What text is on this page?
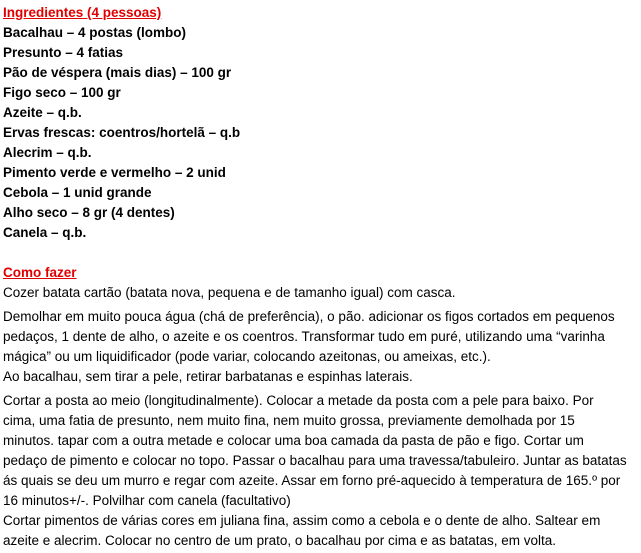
Ingredientes (4 pessoas)
Bacalhau – 4 postas (lombo)
Presunto – 4 fatias
Pão de véspera (mais dias) – 100 gr
Figo seco – 100 gr
Azeite – q.b.
Ervas frescas: coentros/hortelã – q.b
Alecrim – q.b.
Pimento verde e vermelho – 2 unid
Cebola – 1 unid grande
Alho seco – 8 gr (4 dentes)
Canela – q.b.
Como fazer

Cozer batata cartão (batata nova, pequena e de tamanho igual) com casca.

Demolhar em muito pouca água (chá de preferência), o pão. adicionar os figos cortados em pequenos
pedaços, 1 dente de alho, o azeite e os coentros. Transformar tudo em puré, utilizando uma “varinha
mágica” ou um liquidificador (pode variar, colocando azeitonas, ou ameixas, etc.).
Ao bacalhau, sem tirar a pele, retirar barbatanas e espinhas laterais.

Cortar a posta ao meio (longitudinalmente). Colocar a metade da posta com a pele para baixo. Por
cima, uma fatia de presunto, nem muito fina, nem muito grossa, previamente demolhada por 15
minutos. tapar com a outra metade e colocar uma boa camada da pasta de pão e figo. Cortar um
pedaço de pimento e colocar no topo. Passar o bacalhau para uma travessa/tabuleiro. Juntar as batatas
ás quais se deu um murro e regar com azeite. Assar em forno pré-aquecido à temperatura de 165.º por
16 minutos+/-. Polvilhar com canela (facultativo)
Cortar pimentos de várias cores em juliana fina, assim como a cebola e o dente de alho. Saltear em
azeite e alecrim. Colocar no centro de um prato, o bacalhau por cima e as batatas, em volta.
